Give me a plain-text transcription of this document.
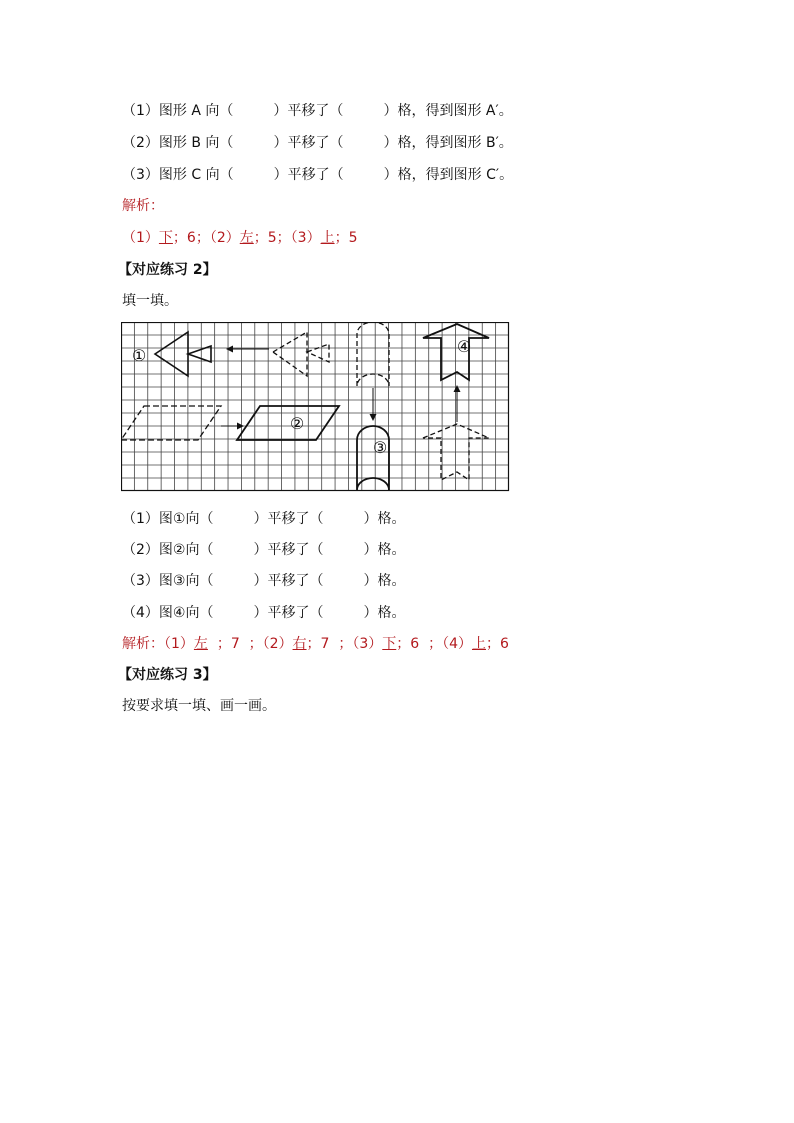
（1）图形 A 向（         ）平移了（         ）格，得到图形 A′。
（2）图形 B 向（         ）平移了（         ）格，得到图形 B′。
（3）图形 C 向（         ）平移了（         ）格，得到图形 C′。
解析：
（1）下；6；（2）左；5；（3）上；5
【对应练习 2】
填一填。
①
②
③
④
（1）图①向（         ）平移了（         ）格。
（2）图②向（         ）平移了（         ）格。
（3）图③向（         ）平移了（         ）格。
（4）图④向（         ）平移了（         ）格。
解析：（1）左  ；7  ；（2）右；7  ；（3）下；6  ；（4）上；6
【对应练习 3】
按要求填一填、画一画。
